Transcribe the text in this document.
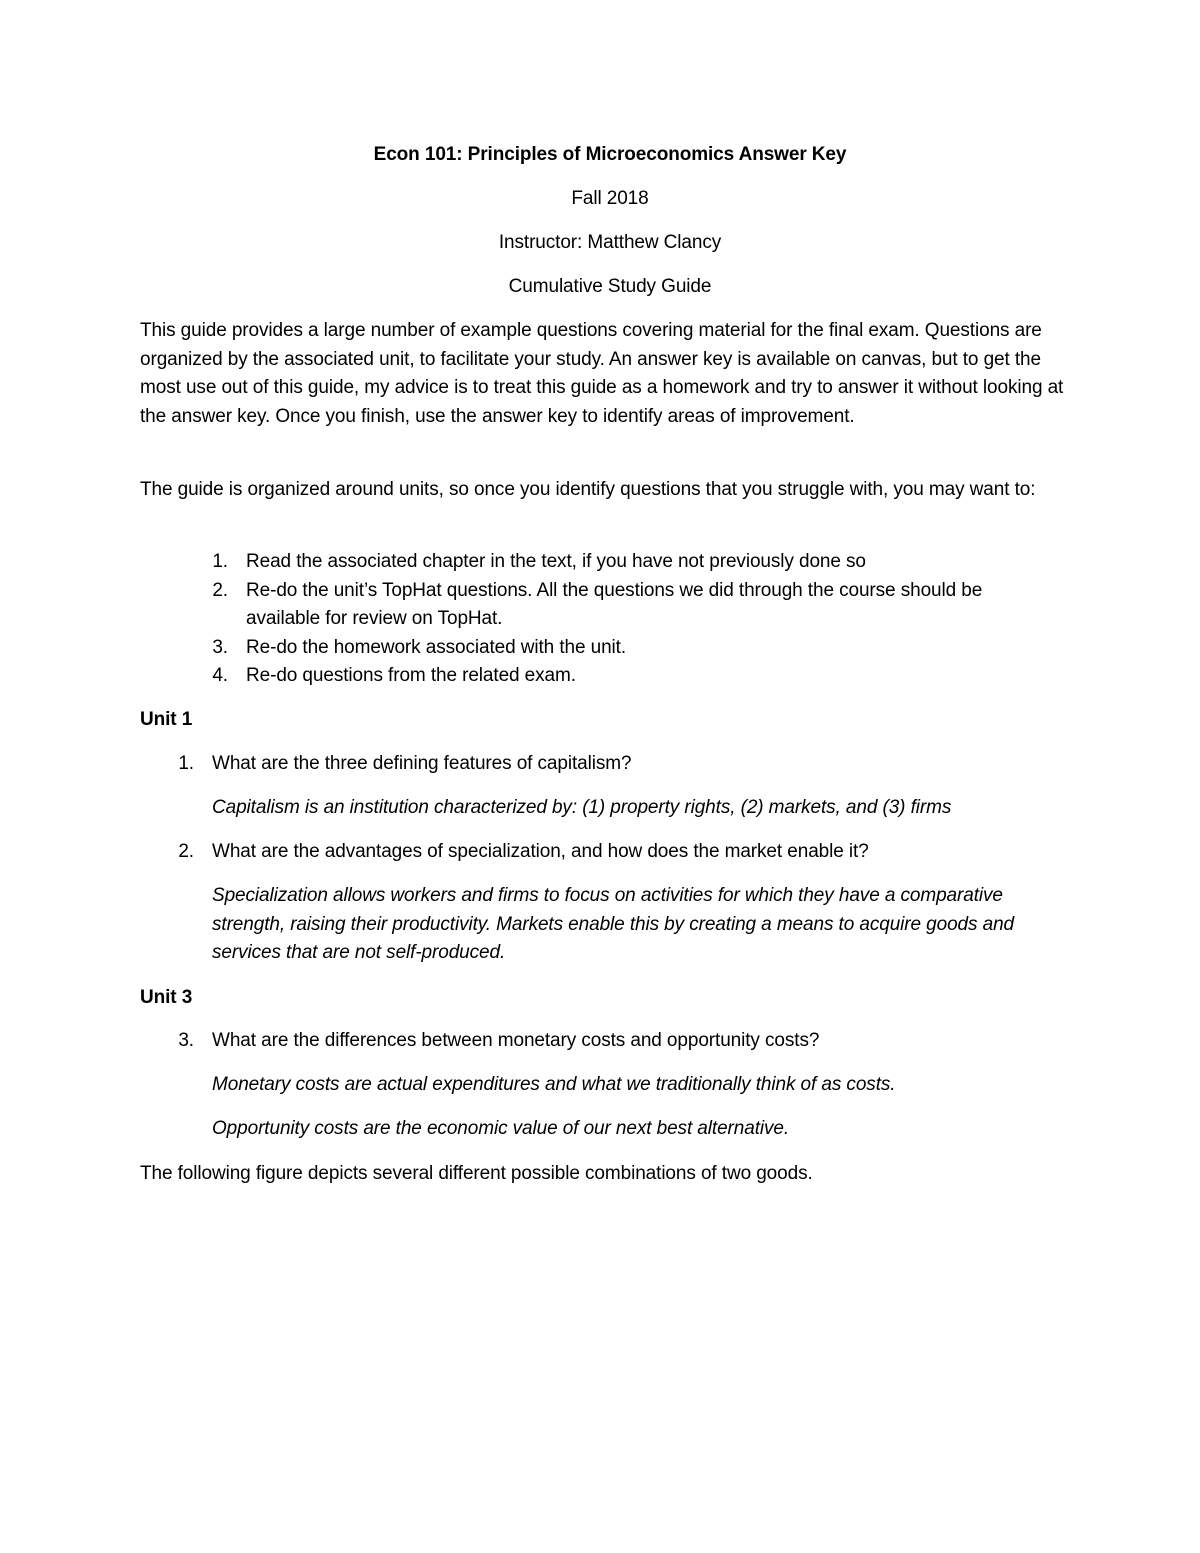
Econ 101: Principles of Microeconomics Answer Key
Fall 2018
Instructor: Matthew Clancy
Cumulative Study Guide

This guide provides a large number of example questions covering material for the final exam. Questions are organized by the associated unit, to facilitate your study. An answer key is available on canvas, but to get the most use out of this guide, my advice is to treat this guide as a homework and try to answer it without looking at the answer key. Once you finish, use the answer key to identify areas of improvement.

The guide is organized around units, so once you identify questions that you struggle with, you may want to:

1. Read the associated chapter in the text, if you have not previously done so
2. Re-do the unit’s TopHat questions. All the questions we did through the course should be
available for review on TopHat.
3. Re-do the homework associated with the unit.
4. Re-do questions from the related exam.
Unit 1
1. What are the three defining features of capitalism?
Capitalism is an institution characterized by: (1) property rights, (2) markets, and (3) firms
2. What are the advantages of specialization, and how does the market enable it?
Specialization allows workers and firms to focus on activities for which they have a comparative strength, raising their productivity. Markets enable this by creating a means to acquire goods and services that are not self-produced.
Unit 3
3. What are the differences between monetary costs and opportunity costs?
Monetary costs are actual expenditures and what we traditionally think of as costs.
Opportunity costs are the economic value of our next best alternative.
The following figure depicts several different possible combinations of two goods.
